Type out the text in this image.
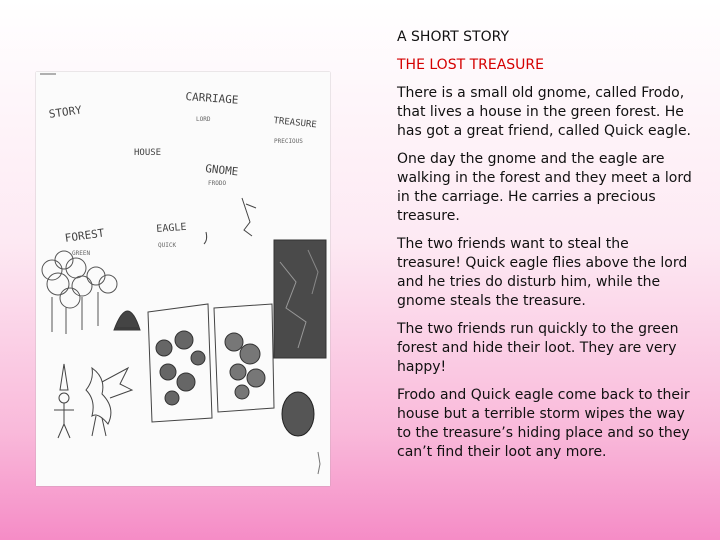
STORY
CARRIAGE
LORD	TREASURE
PRECIOUS
HOUSE
GNOME
FRODO
FOREST
GREEN
EAGLE
QUICK

A SHORT STORY

THE LOST TREASURE

There is a small old gnome, called Frodo, that lives a house in the green forest. He has got a great friend, called Quick eagle.

One day the gnome and the eagle are walking in the forest and they meet a lord in the carriage. He carries a precious treasure.

The two friends want to steal the treasure! Quick eagle flies above the lord and he tries do disturb him, while the gnome steals the treasure.

The two friends run quickly to the green forest and hide their loot. They are very happy!

Frodo and Quick eagle come back to their house but a terrible storm wipes the way to the treasure’s hiding place and so they can’t find their loot any more.
